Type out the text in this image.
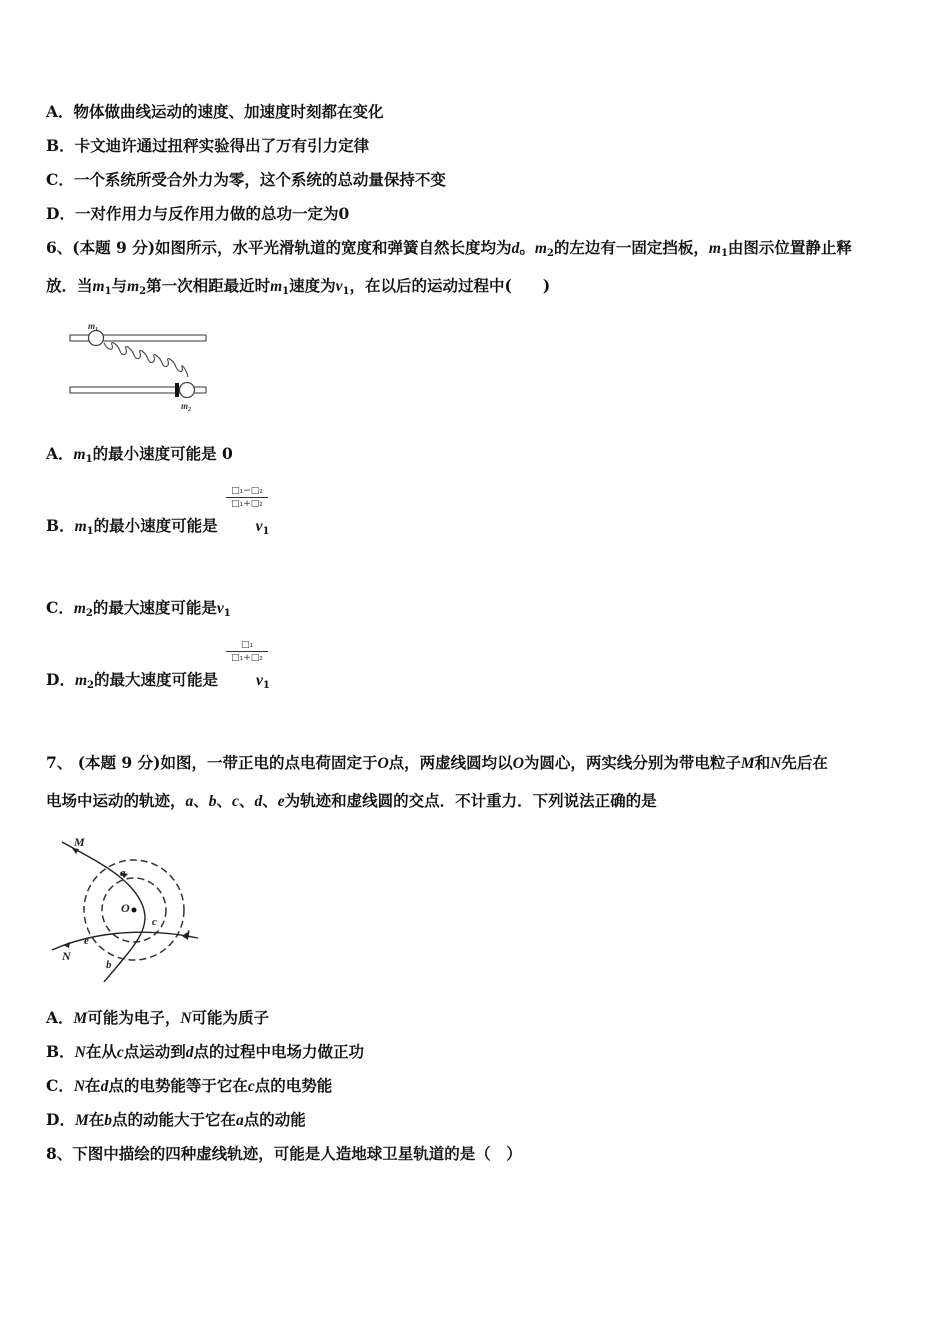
A．物体做曲线运动的速度、加速度时刻都在变化
B．卡文迪许通过扭秤实验得出了万有引力定律
C．一个系统所受合外力为零，这个系统的总动量保持不变
D．一对作用力与反作用力做的总功一定为0
6、(本题 9 分)如图所示，水平光滑轨道的宽度和弹簧自然长度均为d。$m_2$的左边有一固定挡板，$m_1$由图示位置静止释
放．当$m_1$与$m_2$第一次相距最近时$m_1$速度为$v_1$，在以后的运动过程中(　　)
$m_1$
$m_2$
A．$m_1$的最小速度可能是 0
□₁−□₂
□₁+□₂
B．$m_1$的最小速度可能是 $v_1$
C．$m_2$的最大速度可能是$v_1$
□₁
□₁+□₂
D．$m_2$的最大速度可能是 $v_1$
7、 (本题 9 分)如图，一带正电的点电荷固定于O点，两虚线圆均以O为圆心，两实线分别为带电粒子M和N先后在
电场中运动的轨迹，a、b、c、d、e为轨迹和虚线圆的交点．不计重力．下列说法正确的是
M
N
O
a
b
c
d
e
A．M可能为电子，N可能为质子
B．N在从c点运动到d点的过程中电场力做正功
C．N在d点的电势能等于它在c点的电势能
D．M在b点的动能大于它在a点的动能
8、下图中描绘的四种虚线轨迹，可能是人造地球卫星轨道的是（　）
